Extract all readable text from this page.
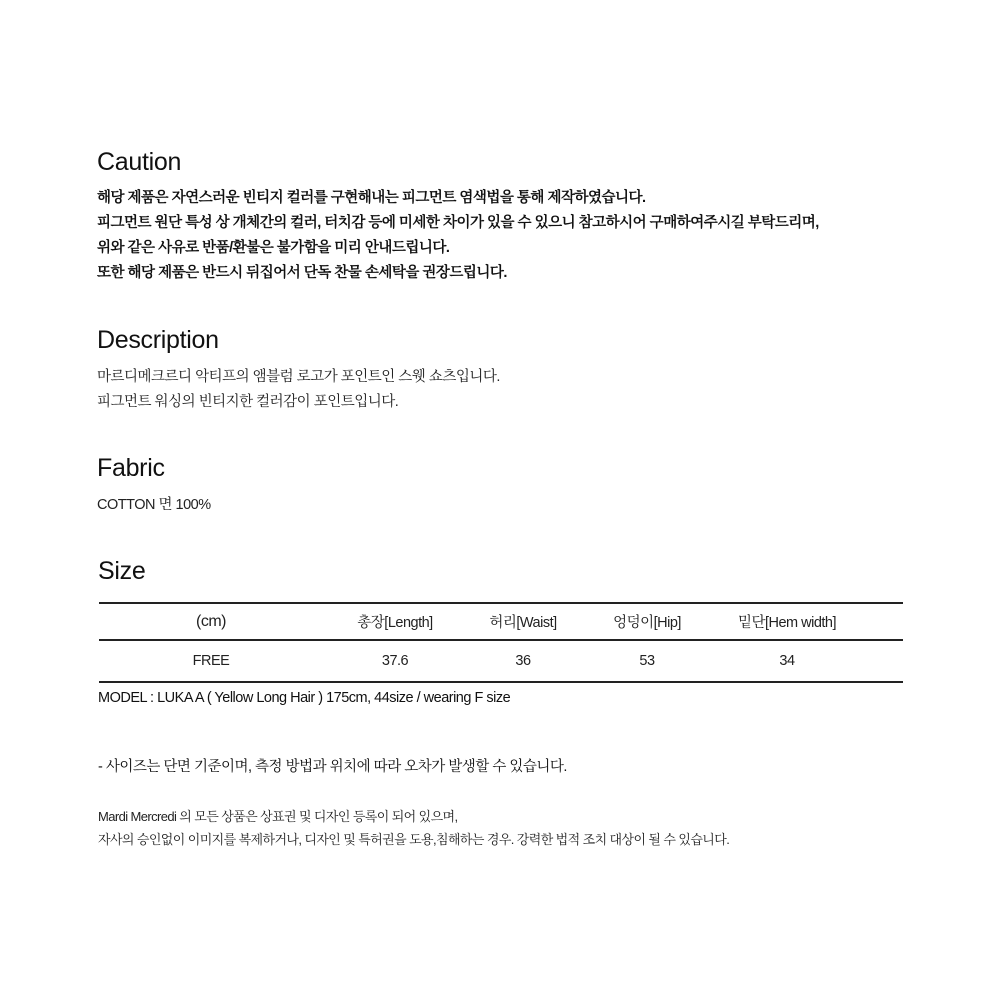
Caution
해당 제품은 자연스러운 빈티지 컬러를 구현해내는 피그먼트 염색법을 통해 제작하였습니다.
피그먼트 원단 특성 상 개체간의 컬러, 터치감 등에 미세한 차이가 있을 수 있으니 참고하시어 구매하여주시길 부탁드리며,
위와 같은 사유로 반품/환불은 불가함을 미리 안내드립니다.
또한 해당 제품은 반드시 뒤집어서 단독 찬물 손세탁을 권장드립니다.
Description
마르디메크르디 악티프의 앰블럼 로고가 포인트인 스웻 쇼츠입니다.
피그먼트 워싱의 빈티지한 컬러감이 포인트입니다.
Fabric
COTTON 면 100%
Size
(cm)	총장[Length]	허리[Waist]	엉덩이[Hip]	밑단[Hem width]	
FREE	37.6	36	53	34	
MODEL : LUKA A ( Yellow Long Hair ) 175cm, 44size / wearing F size
- 사이즈는 단면 기준이며, 측정 방법과 위치에 따라 오차가 발생할 수 있습니다.
Mardi Mercredi 의 모든 상품은 상표권 및 디자인 등록이 되어 있으며,
자사의 승인없이 이미지를 복제하거나, 디자인 및 특허권을 도용,침해하는 경우. 강력한 법적 조치 대상이 될 수 있습니다.
